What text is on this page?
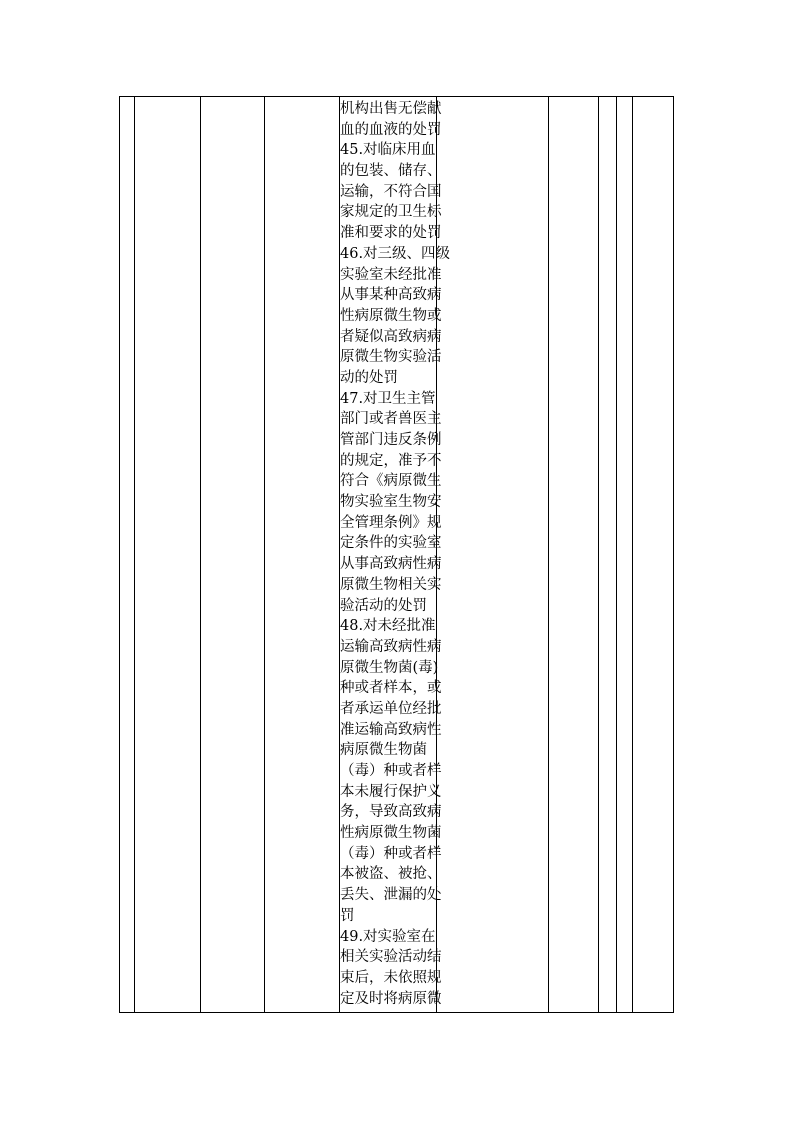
机构出售无偿献
血的血液的处罚
45.对临床用血
的包装、储存、
运输，不符合国
家规定的卫生标
准和要求的处罚
46.对三级、四级
实验室未经批准
从事某种高致病
性病原微生物或
者疑似高致病病
原微生物实验活
动的处罚
47.对卫生主管
部门或者兽医主
管部门违反条例
的规定，准予不
符合《病原微生
物实验室生物安
全管理条例》规
定条件的实验室
从事高致病性病
原微生物相关实
验活动的处罚
48.对未经批准
运输高致病性病
原微生物菌(毒)
种或者样本，或
者承运单位经批
准运输高致病性
病原微生物菌
（毒）种或者样
本未履行保护义
务，导致高致病
性病原微生物菌
（毒）种或者样
本被盗、被抢、
丢失、泄漏的处
罚
49.对实验室在
相关实验活动结
束后，未依照规
定及时将病原微
